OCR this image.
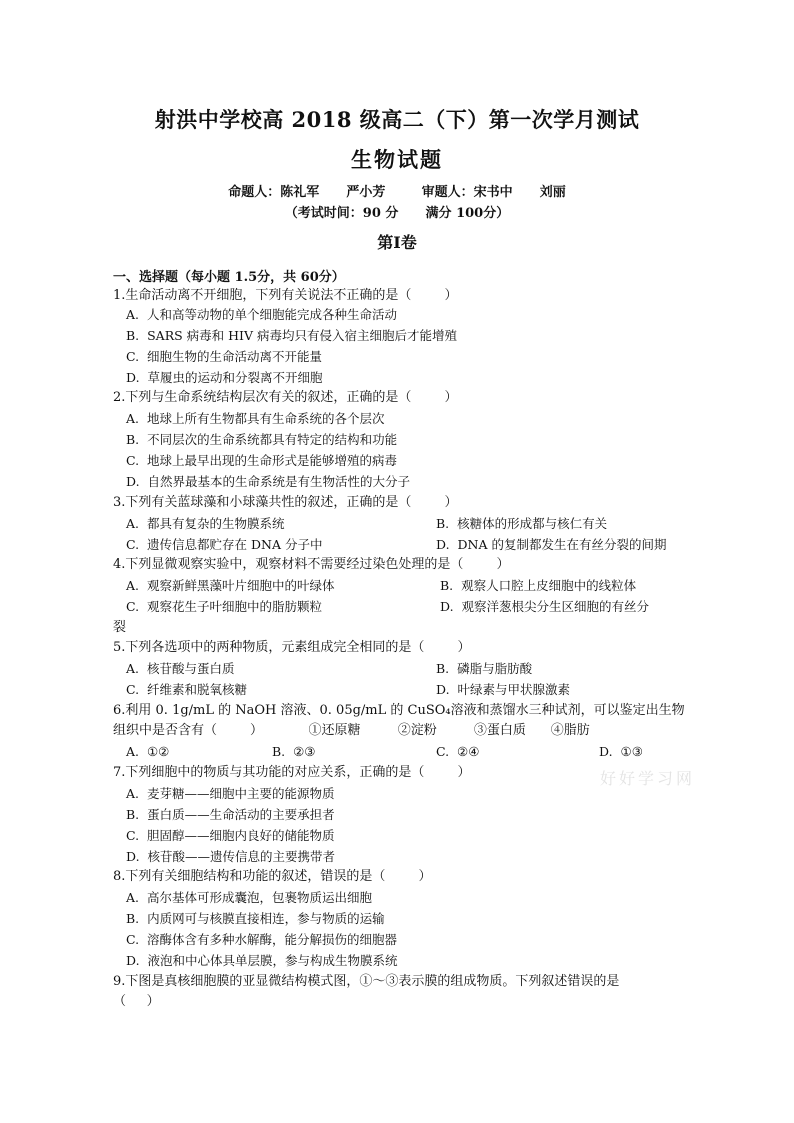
射洪中学校高 2018 级高二（下）第一次学月测试
生物试题
命题人：陈礼军      严小芳        审题人：宋书中      刘丽
（考试时间：90 分      满分 100分）
第Ⅰ卷
一、选择题（每小题 1.5分，共 60分）
1.生命活动离不开细胞，下列有关说法不正确的是（        ）
A.  人和高等动物的单个细胞能完成各种生命活动
B.  SARS 病毒和 HIV 病毒均只有侵入宿主细胞后才能增殖
C.  细胞生物的生命活动离不开能量
D.  草履虫的运动和分裂离不开细胞
2.下列与生命系统结构层次有关的叙述，正确的是（        ）
A.  地球上所有生物都具有生命系统的各个层次
B.  不同层次的生命系统都具有特定的结构和功能
C.  地球上最早出现的生命形式是能够增殖的病毒
D.  自然界最基本的生命系统是有生物活性的大分子
3.下列有关蓝球藻和小球藻共性的叙述，正确的是（        ）
A.  都具有复杂的生物膜系统	B.  核糖体的形成都与核仁有关
C.  遗传信息都贮存在 DNA 分子中	D.  DNA 的复制都发生在有丝分裂的间期
4.下列显微观察实验中，观察材料不需要经过染色处理的是（        ）
A.  观察新鲜黑藻叶片细胞中的叶绿体	B.  观察人口腔上皮细胞中的线粒体
C.  观察花生子叶细胞中的脂肪颗粒	D.  观察洋葱根尖分生区细胞的有丝分
裂
5.下列各选项中的两种物质，元素组成完全相同的是（        ）
A.  核苷酸与蛋白质	B.  磷脂与脂肪酸
C.  纤维素和脱氧核糖	D.  叶绿素与甲状腺激素
6.利用 0. 1g/mL 的 NaOH 溶液、0. 05g/mL 的 CuSO₄溶液和蒸馏水三种试剂，可以鉴定出生物
组织中是否含有（        ）           ①还原糖         ②淀粉         ③蛋白质      ④脂肪
A.  ①②	B.  ②③	C.  ②④	D.  ①③
7.下列细胞中的物质与其功能的对应关系，正确的是（        ）
A.  麦芽糖——细胞中主要的能源物质
B.  蛋白质——生命活动的主要承担者
C.  胆固醇——细胞内良好的储能物质
D.  核苷酸——遗传信息的主要携带者
8.下列有关细胞结构和功能的叙述，错误的是（        ）
A.  高尔基体可形成囊泡，包裹物质运出细胞
B.  内质网可与核膜直接相连，参与物质的运输
C.  溶酶体含有多种水解酶，能分解损伤的细胞器
D.  液泡和中心体具单层膜，参与构成生物膜系统
9.下图是真核细胞膜的亚显微结构模式图，①～③表示膜的组成物质。下列叙述错误的是
（     ）
好好学习网
